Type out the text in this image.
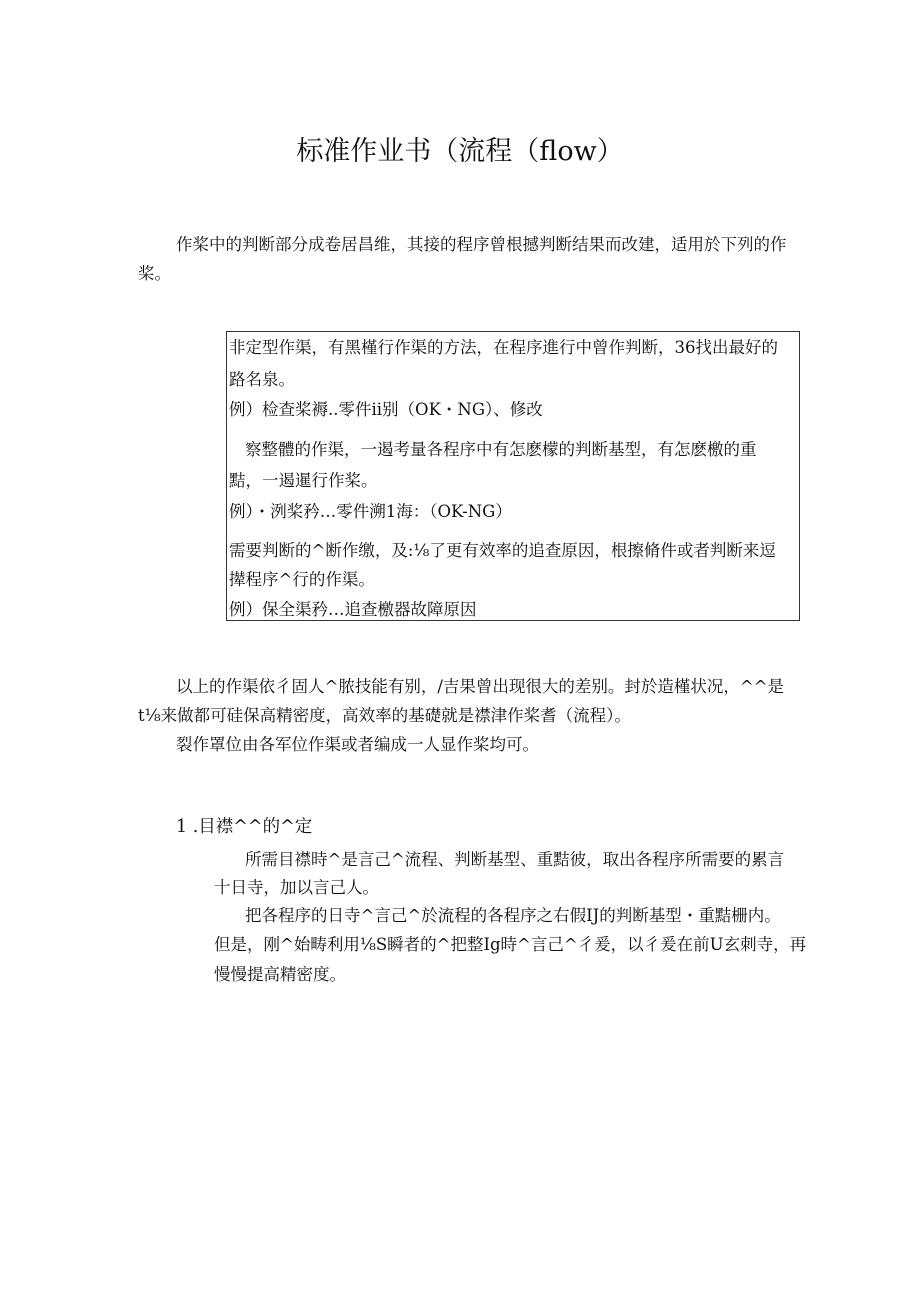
标准作业书（流程（flow）
作桨中的判断部分成卷居昌维，其接的程序曾根撼判断结果而改建，适用於下列的作
桨。
非定型作渠，有黑槿行作渠的方法，在程序進行中曾作判断，36找出最好的
路名泉。
例）检查桨褥..零件ii别（OK・NG）、修改
察整體的作渠，一遏考量各程序中有怎麽檬的判断基型，有怎麽檄的重
黠，一遏暹行作桨。
例）・洌桨矜…零件溯1海：（OK-NG）
需要判断的^断作缴，及:⅛了更有效率的追查原因，根擦脩件或者判断来逗
撵程序^行的作渠。
例）保全渠矜…追查檄器故障原因
以上的作渠依彳固人^脓技能有别，/吉果曾出现很大的差别。封於造槿状况，^^是
t⅛来做都可硅保高精密度，高效率的基礎就是襟津作桨耆（流程）。
裂作罩位由各军位作渠或者编成一人显作桨均可。
1 .目襟^^的^定
所需目襟時^是言己^流程、判断基型、重黠彼，取出各程序所需要的累言
十日寺，加以言己人。
把各程序的日寺^言己^於流程的各程序之右假IJ的判断基型・重黠栅内。
但是，刚^始畴利用⅛S瞬者的^把整Ig時^言己^彳爰，以彳爰在前U玄刺寺，再
慢慢提高精密度。
